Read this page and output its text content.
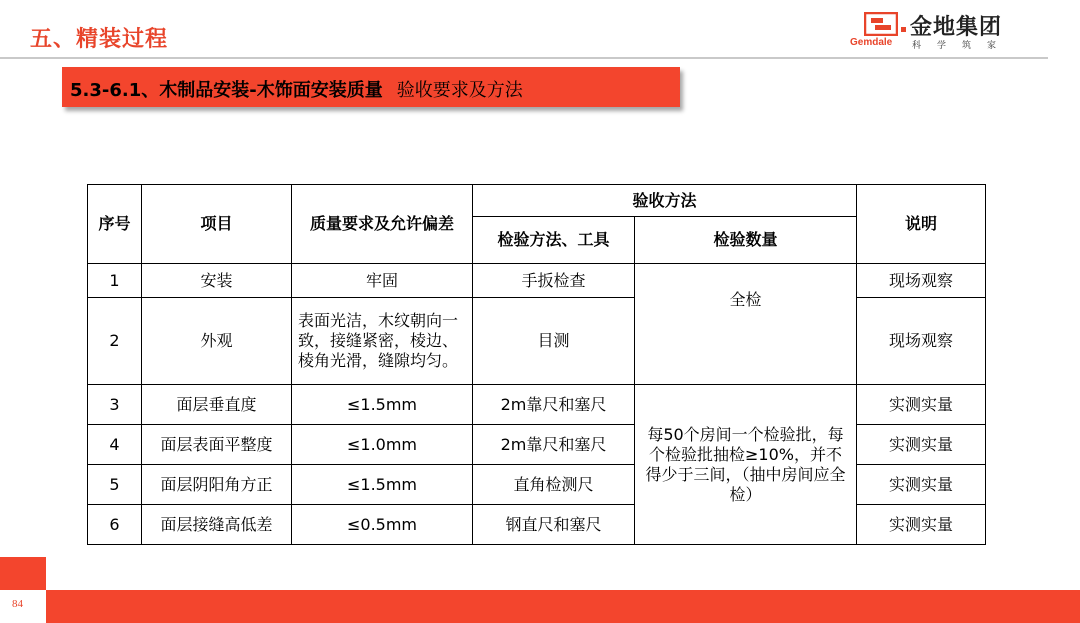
五、精装过程	金地集团
Gemdale 科学筑家
5.3-6.1、木制品安装-木饰面安装质量 验收要求及方法
序号	项目	质量要求及允许偏差	验收方法		说明
			检验方法、工具	检验数量	
1	安装	牢固	手扳检查	全检	现场观察
2	外观	表面光洁，木纹朝向一致，接缝紧密，棱边、棱角光滑，缝隙均匀。	目测		现场观察
3	面层垂直度	≤1.5mm	2m靠尺和塞尺	每50个房间一个检验批，每个检验批抽检≥10%，并不得少于三间，（抽中房间应全检）	实测实量
4	面层表面平整度	≤1.0mm	2m靠尺和塞尺		实测实量
5	面层阴阳角方正	≤1.5mm	直角检测尺		实测实量
6	面层接缝高低差	≤0.5mm	钢直尺和塞尺		实测实量
84
